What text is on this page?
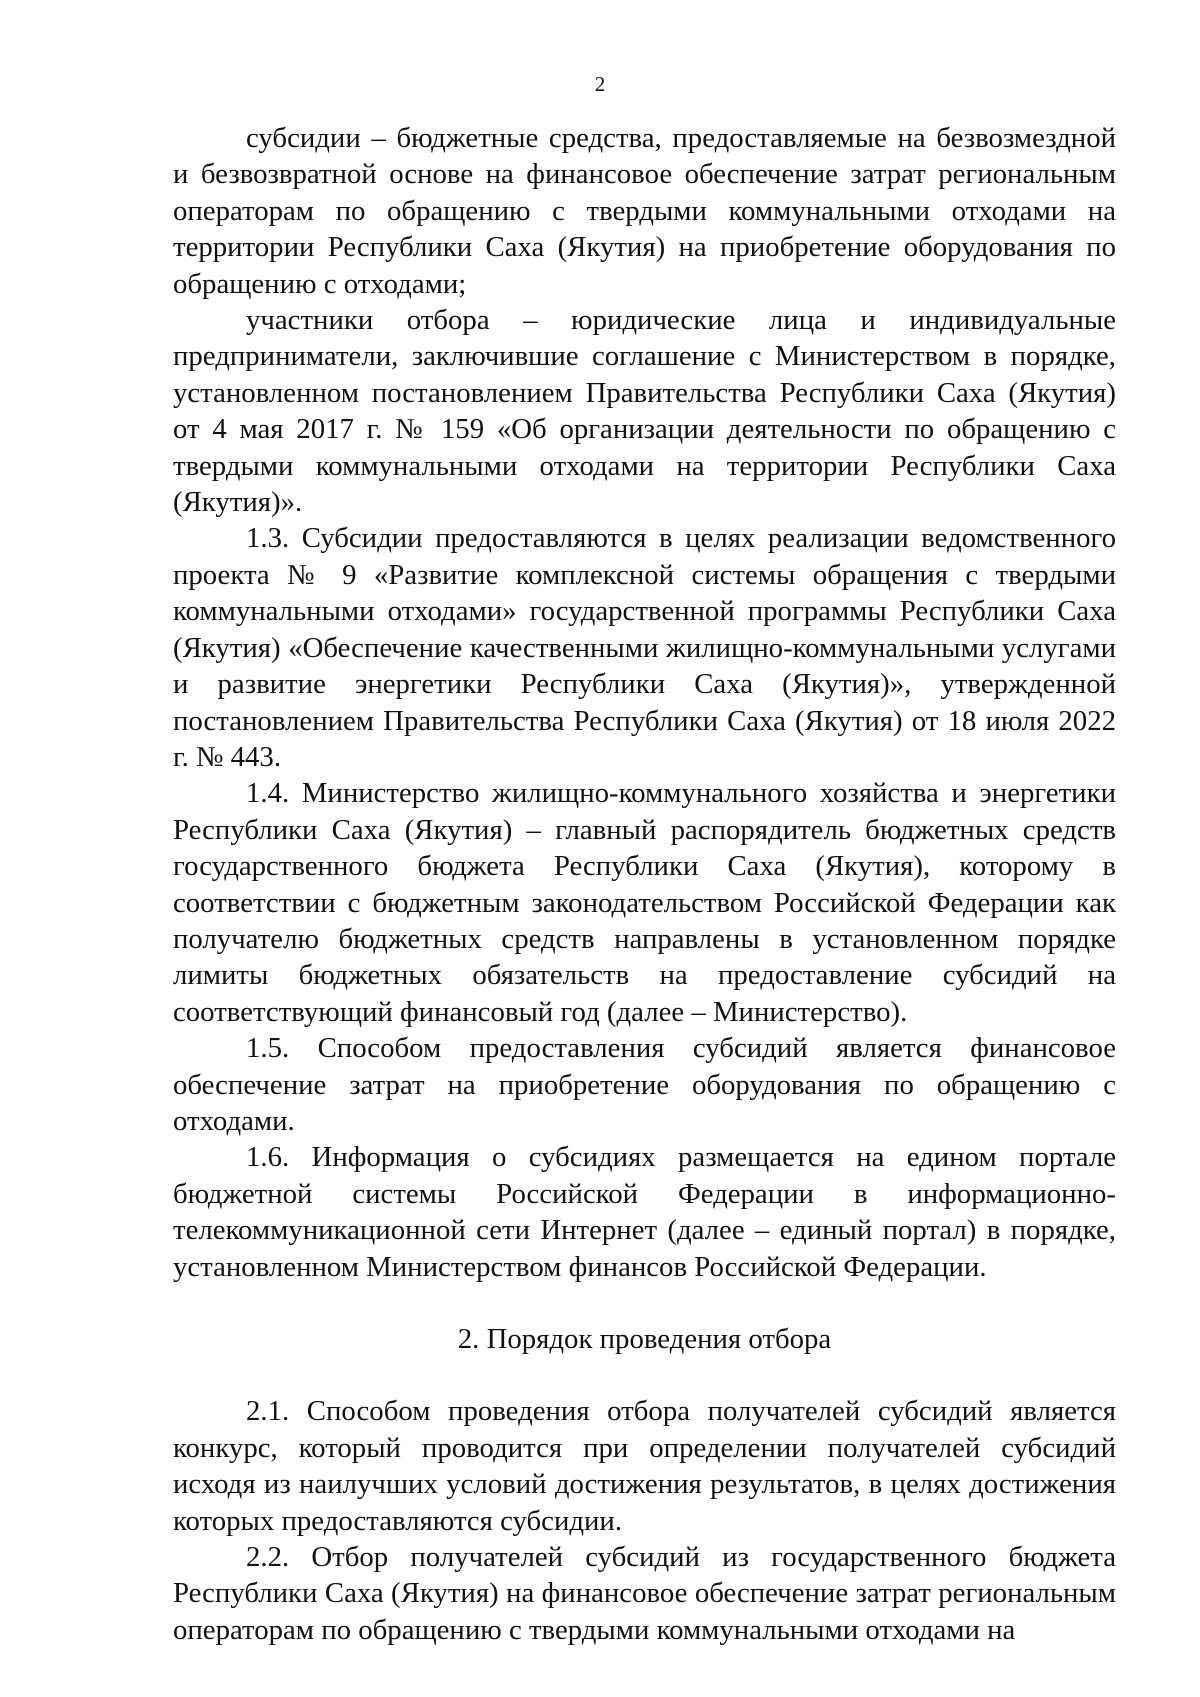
2

субсидии – бюджетные средства, предоставляемые на безвозмездной и безвозвратной основе на финансовое обеспечение затрат региональным операторам по обращению с твердыми коммунальными отходами на территории Республики Саха (Якутия) на приобретение оборудования по обращению с отходами;

участники отбора – юридические лица и индивидуальные предприниматели, заключившие соглашение с Министерством в порядке, установленном постановлением Правительства Республики Саха (Якутия) от 4 мая 2017 г. № 159 «Об организации деятельности по обращению с твердыми коммунальными отходами на территории Республики Саха (Якутия)».

1.3. Субсидии предоставляются в целях реализации ведомственного проекта № 9 «Развитие комплексной системы обращения с твердыми коммунальными отходами» государственной программы Республики Саха (Якутия) «Обеспечение качественными жилищно-коммунальными услугами и развитие энергетики Республики Саха (Якутия)», утвержденной постановлением Правительства Республики Саха (Якутия) от 18 июля 2022 г. № 443.

1.4. Министерство жилищно-коммунального хозяйства и энергетики Республики Саха (Якутия) – главный распорядитель бюджетных средств государственного бюджета Республики Саха (Якутия), которому в соответствии с бюджетным законодательством Российской Федерации как получателю бюджетных средств направлены в установленном порядке лимиты бюджетных обязательств на предоставление субсидий на соответствующий финансовый год (далее – Министерство).

1.5. Способом предоставления субсидий является финансовое обеспечение затрат на приобретение оборудования по обращению с отходами.

1.6. Информация о субсидиях размещается на едином портале бюджетной системы Российской Федерации в информационно-телекоммуникационной сети Интернет (далее – единый портал) в порядке, установленном Министерством финансов Российской Федерации.

2. Порядок проведения отбора

2.1. Способом проведения отбора получателей субсидий является конкурс, который проводится при определении получателей субсидий исходя из наилучших условий достижения результатов, в целях достижения которых предоставляются субсидии.

2.2. Отбор получателей субсидий из государственного бюджета Республики Саха (Якутия) на финансовое обеспечение затрат региональным операторам по обращению с твердыми коммунальными отходами на
